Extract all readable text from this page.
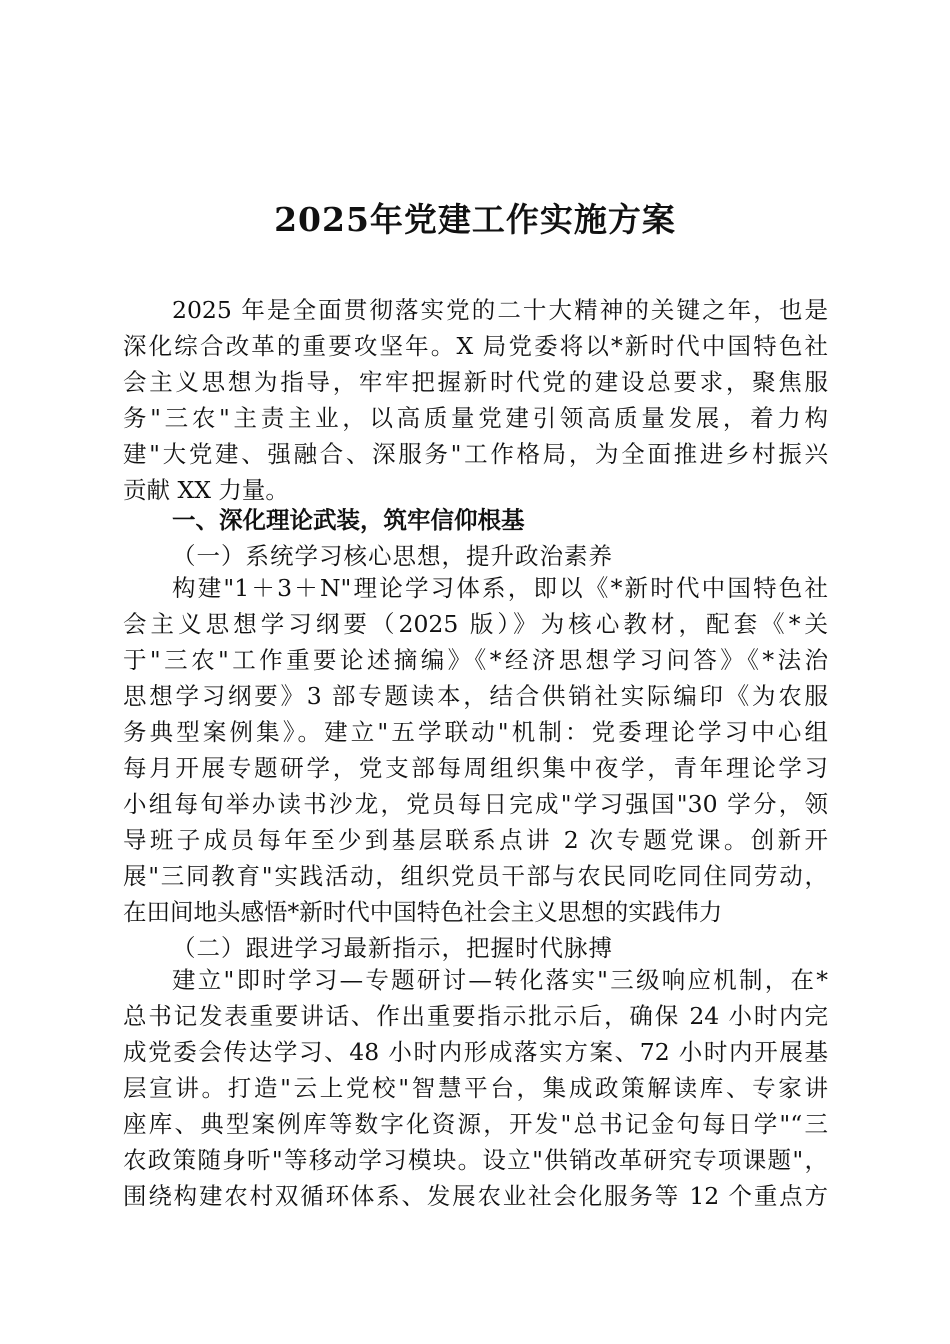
2025年党建工作实施方案
2025 年是全面贯彻落实党的二十大精神的关键之年，也是
深化综合改革的重要攻坚年。X 局党委将以*新时代中国特色社
会主义思想为指导，牢牢把握新时代党的建设总要求，聚焦服
务"三农"主责主业，以高质量党建引领高质量发展，着力构
建"大党建、强融合、深服务"工作格局，为全面推进乡村振兴
贡献 XX 力量。
一、深化理论武装，筑牢信仰根基
（一）系统学习核心思想，提升政治素养
构建"1＋3＋N"理论学习体系，即以《*新时代中国特色社
会主义思想学习纲要（2025 版）》为核心教材，配套《*关
于"三农"工作重要论述摘编》《*经济思想学习问答》《*法治
思想学习纲要》3 部专题读本，结合供销社实际编印《为农服
务典型案例集》。建立"五学联动"机制：党委理论学习中心组
每月开展专题研学，党支部每周组织集中夜学，青年理论学习
小组每旬举办读书沙龙，党员每日完成"学习强国"30 学分，领
导班子成员每年至少到基层联系点讲 2 次专题党课。创新开
展"三同教育"实践活动，组织党员干部与农民同吃同住同劳动，
在田间地头感悟*新时代中国特色社会主义思想的实践伟力
（二）跟进学习最新指示，把握时代脉搏
建立"即时学习—专题研讨—转化落实"三级响应机制，在*
总书记发表重要讲话、作出重要指示批示后，确保 24 小时内完
成党委会传达学习、48 小时内形成落实方案、72 小时内开展基
层宣讲。打造"云上党校"智慧平台，集成政策解读库、专家讲
座库、典型案例库等数字化资源，开发"总书记金句每日学"“三
农政策随身听"等移动学习模块。设立"供销改革研究专项课题"，
围绕构建农村双循环体系、发展农业社会化服务等 12 个重点方
